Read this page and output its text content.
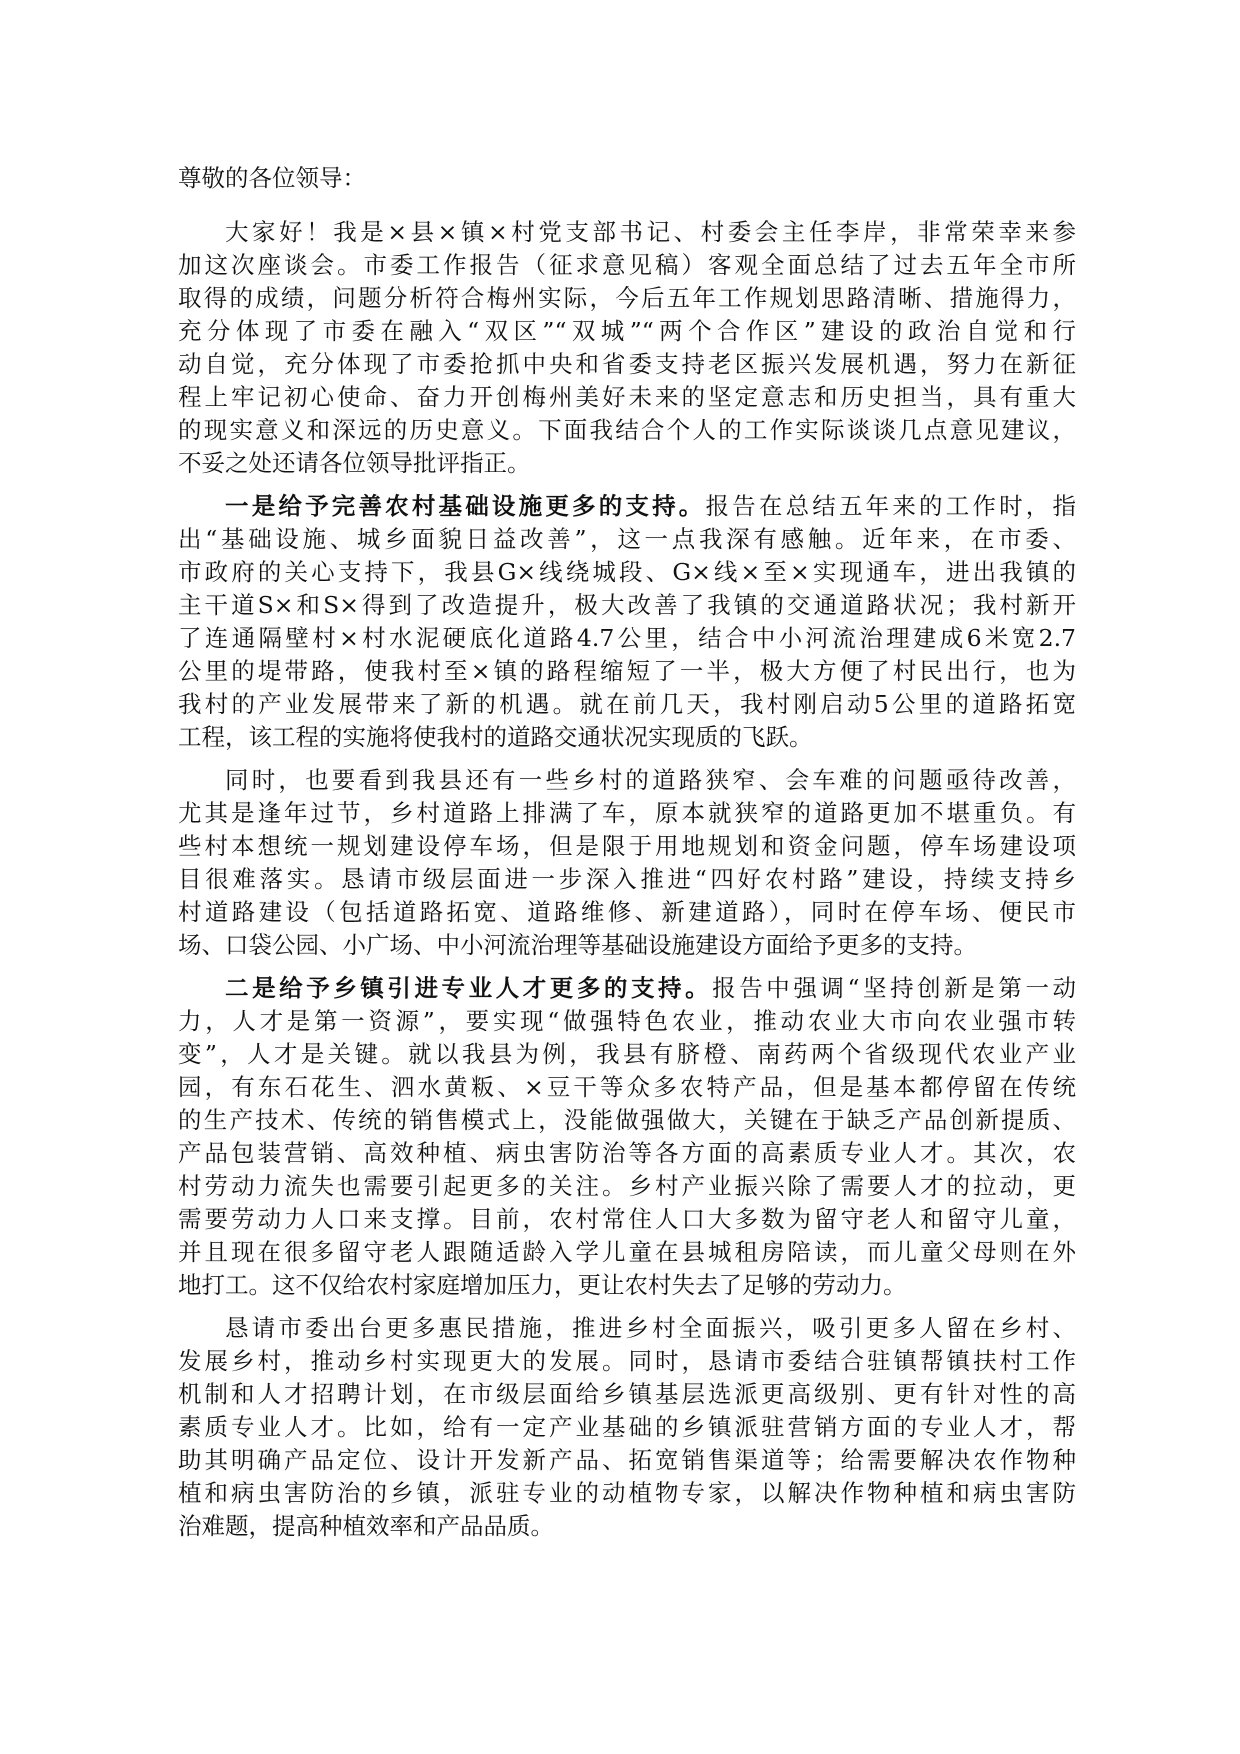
尊敬的各位领导：
大家好！我是×县×镇×村党支部书记、村委会主任李岸，非常荣幸来参
加这次座谈会。市委工作报告（征求意见稿）客观全面总结了过去五年全市所
取得的成绩，问题分析符合梅州实际，今后五年工作规划思路清晰、措施得力，
充分体现了市委在融入“双区”“双城”“两个合作区”建设的政治自觉和行
动自觉，充分体现了市委抢抓中央和省委支持老区振兴发展机遇，努力在新征
程上牢记初心使命、奋力开创梅州美好未来的坚定意志和历史担当，具有重大
的现实意义和深远的历史意义。下面我结合个人的工作实际谈谈几点意见建议，
不妥之处还请各位领导批评指正。
一是给予完善农村基础设施更多的支持。报告在总结五年来的工作时，指
出“基础设施、城乡面貌日益改善”，这一点我深有感触。近年来，在市委、
市政府的关心支持下，我县G×线绕城段、G×线×至×实现通车，进出我镇的
主干道S×和S×得到了改造提升，极大改善了我镇的交通道路状况；我村新开
了连通隔壁村×村水泥硬底化道路4.7公里，结合中小河流治理建成6米宽2.7
公里的堤带路，使我村至×镇的路程缩短了一半，极大方便了村民出行，也为
我村的产业发展带来了新的机遇。就在前几天，我村刚启动5公里的道路拓宽
工程，该工程的实施将使我村的道路交通状况实现质的飞跃。
同时，也要看到我县还有一些乡村的道路狭窄、会车难的问题亟待改善，
尤其是逢年过节，乡村道路上排满了车，原本就狭窄的道路更加不堪重负。有
些村本想统一规划建设停车场，但是限于用地规划和资金问题，停车场建设项
目很难落实。恳请市级层面进一步深入推进“四好农村路”建设，持续支持乡
村道路建设（包括道路拓宽、道路维修、新建道路），同时在停车场、便民市
场、口袋公园、小广场、中小河流治理等基础设施建设方面给予更多的支持。
二是给予乡镇引进专业人才更多的支持。报告中强调“坚持创新是第一动
力，人才是第一资源”，要实现“做强特色农业，推动农业大市向农业强市转
变”，人才是关键。就以我县为例，我县有脐橙、南药两个省级现代农业产业
园，有东石花生、泗水黄粄、×豆干等众多农特产品，但是基本都停留在传统
的生产技术、传统的销售模式上，没能做强做大，关键在于缺乏产品创新提质、
产品包装营销、高效种植、病虫害防治等各方面的高素质专业人才。其次，农
村劳动力流失也需要引起更多的关注。乡村产业振兴除了需要人才的拉动，更
需要劳动力人口来支撑。目前，农村常住人口大多数为留守老人和留守儿童，
并且现在很多留守老人跟随适龄入学儿童在县城租房陪读，而儿童父母则在外
地打工。这不仅给农村家庭增加压力，更让农村失去了足够的劳动力。
恳请市委出台更多惠民措施，推进乡村全面振兴，吸引更多人留在乡村、
发展乡村，推动乡村实现更大的发展。同时，恳请市委结合驻镇帮镇扶村工作
机制和人才招聘计划，在市级层面给乡镇基层选派更高级别、更有针对性的高
素质专业人才。比如，给有一定产业基础的乡镇派驻营销方面的专业人才，帮
助其明确产品定位、设计开发新产品、拓宽销售渠道等；给需要解决农作物种
植和病虫害防治的乡镇，派驻专业的动植物专家，以解决作物种植和病虫害防
治难题，提高种植效率和产品品质。
